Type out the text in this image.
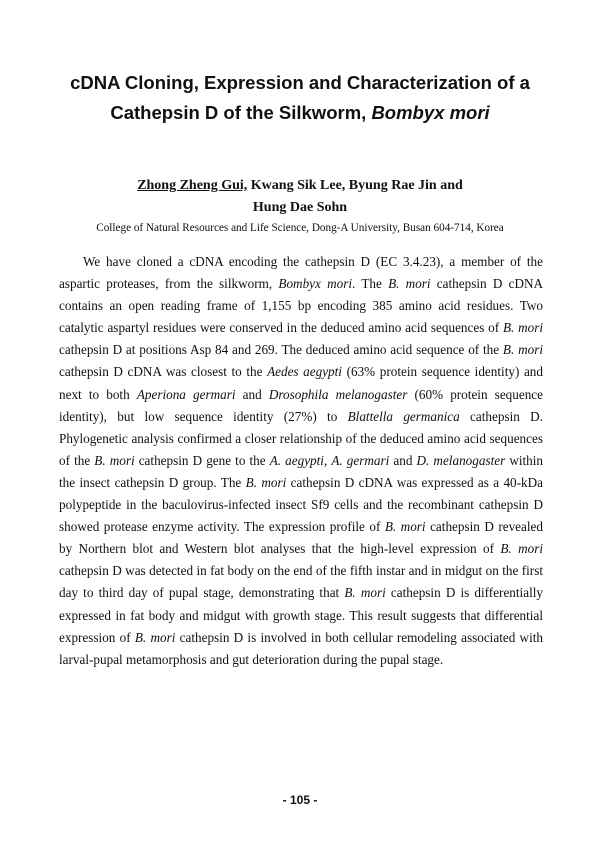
cDNA Cloning, Expression and Characterization of a
Cathepsin D of the Silkworm, Bombyx mori
Zhong Zheng Gui, Kwang Sik Lee, Byung Rae Jin and
Hung Dae Sohn
College of Natural Resources and Life Science, Dong-A University, Busan 604-714, Korea

We have cloned a cDNA encoding the cathepsin D (EC 3.4.23), a member of the aspartic proteases, from the silkworm, Bombyx mori. The B. mori cathepsin D cDNA contains an open reading frame of 1,155 bp encoding 385 amino acid residues. Two catalytic aspartyl residues were conserved in the deduced amino acid sequences of B. mori cathepsin D at positions Asp 84 and 269. The deduced amino acid sequence of the B. mori cathepsin D cDNA was closest to the Aedes aegypti (63% protein sequence identity) and next to both Aperiona germari and Drosophila melanogaster (60% protein sequence identity), but low sequence identity (27%) to Blattella germanica cathepsin D. Phylogenetic analysis confirmed a closer relationship of the deduced amino acid sequences of the B. mori cathepsin D gene to the A. aegypti, A. germari and D. melanogaster within the insect cathepsin D group. The B. mori cathepsin D cDNA was expressed as a 40-kDa polypeptide in the baculovirus-infected insect Sf9 cells and the recombinant cathepsin D showed protease enzyme activity. The expression profile of B. mori cathepsin D revealed by Northern blot and Western blot analyses that the high-level expression of B. mori cathepsin D was detected in fat body on the end of the fifth instar and in midgut on the first day to third day of pupal stage, demonstrating that B. mori cathepsin D is differentially expressed in fat body and midgut with growth stage. This result suggests that differential expression of B. mori cathepsin D is involved in both cellular remodeling associated with larval-pupal metamorphosis and gut deterioration during the pupal stage.

- 105 -
